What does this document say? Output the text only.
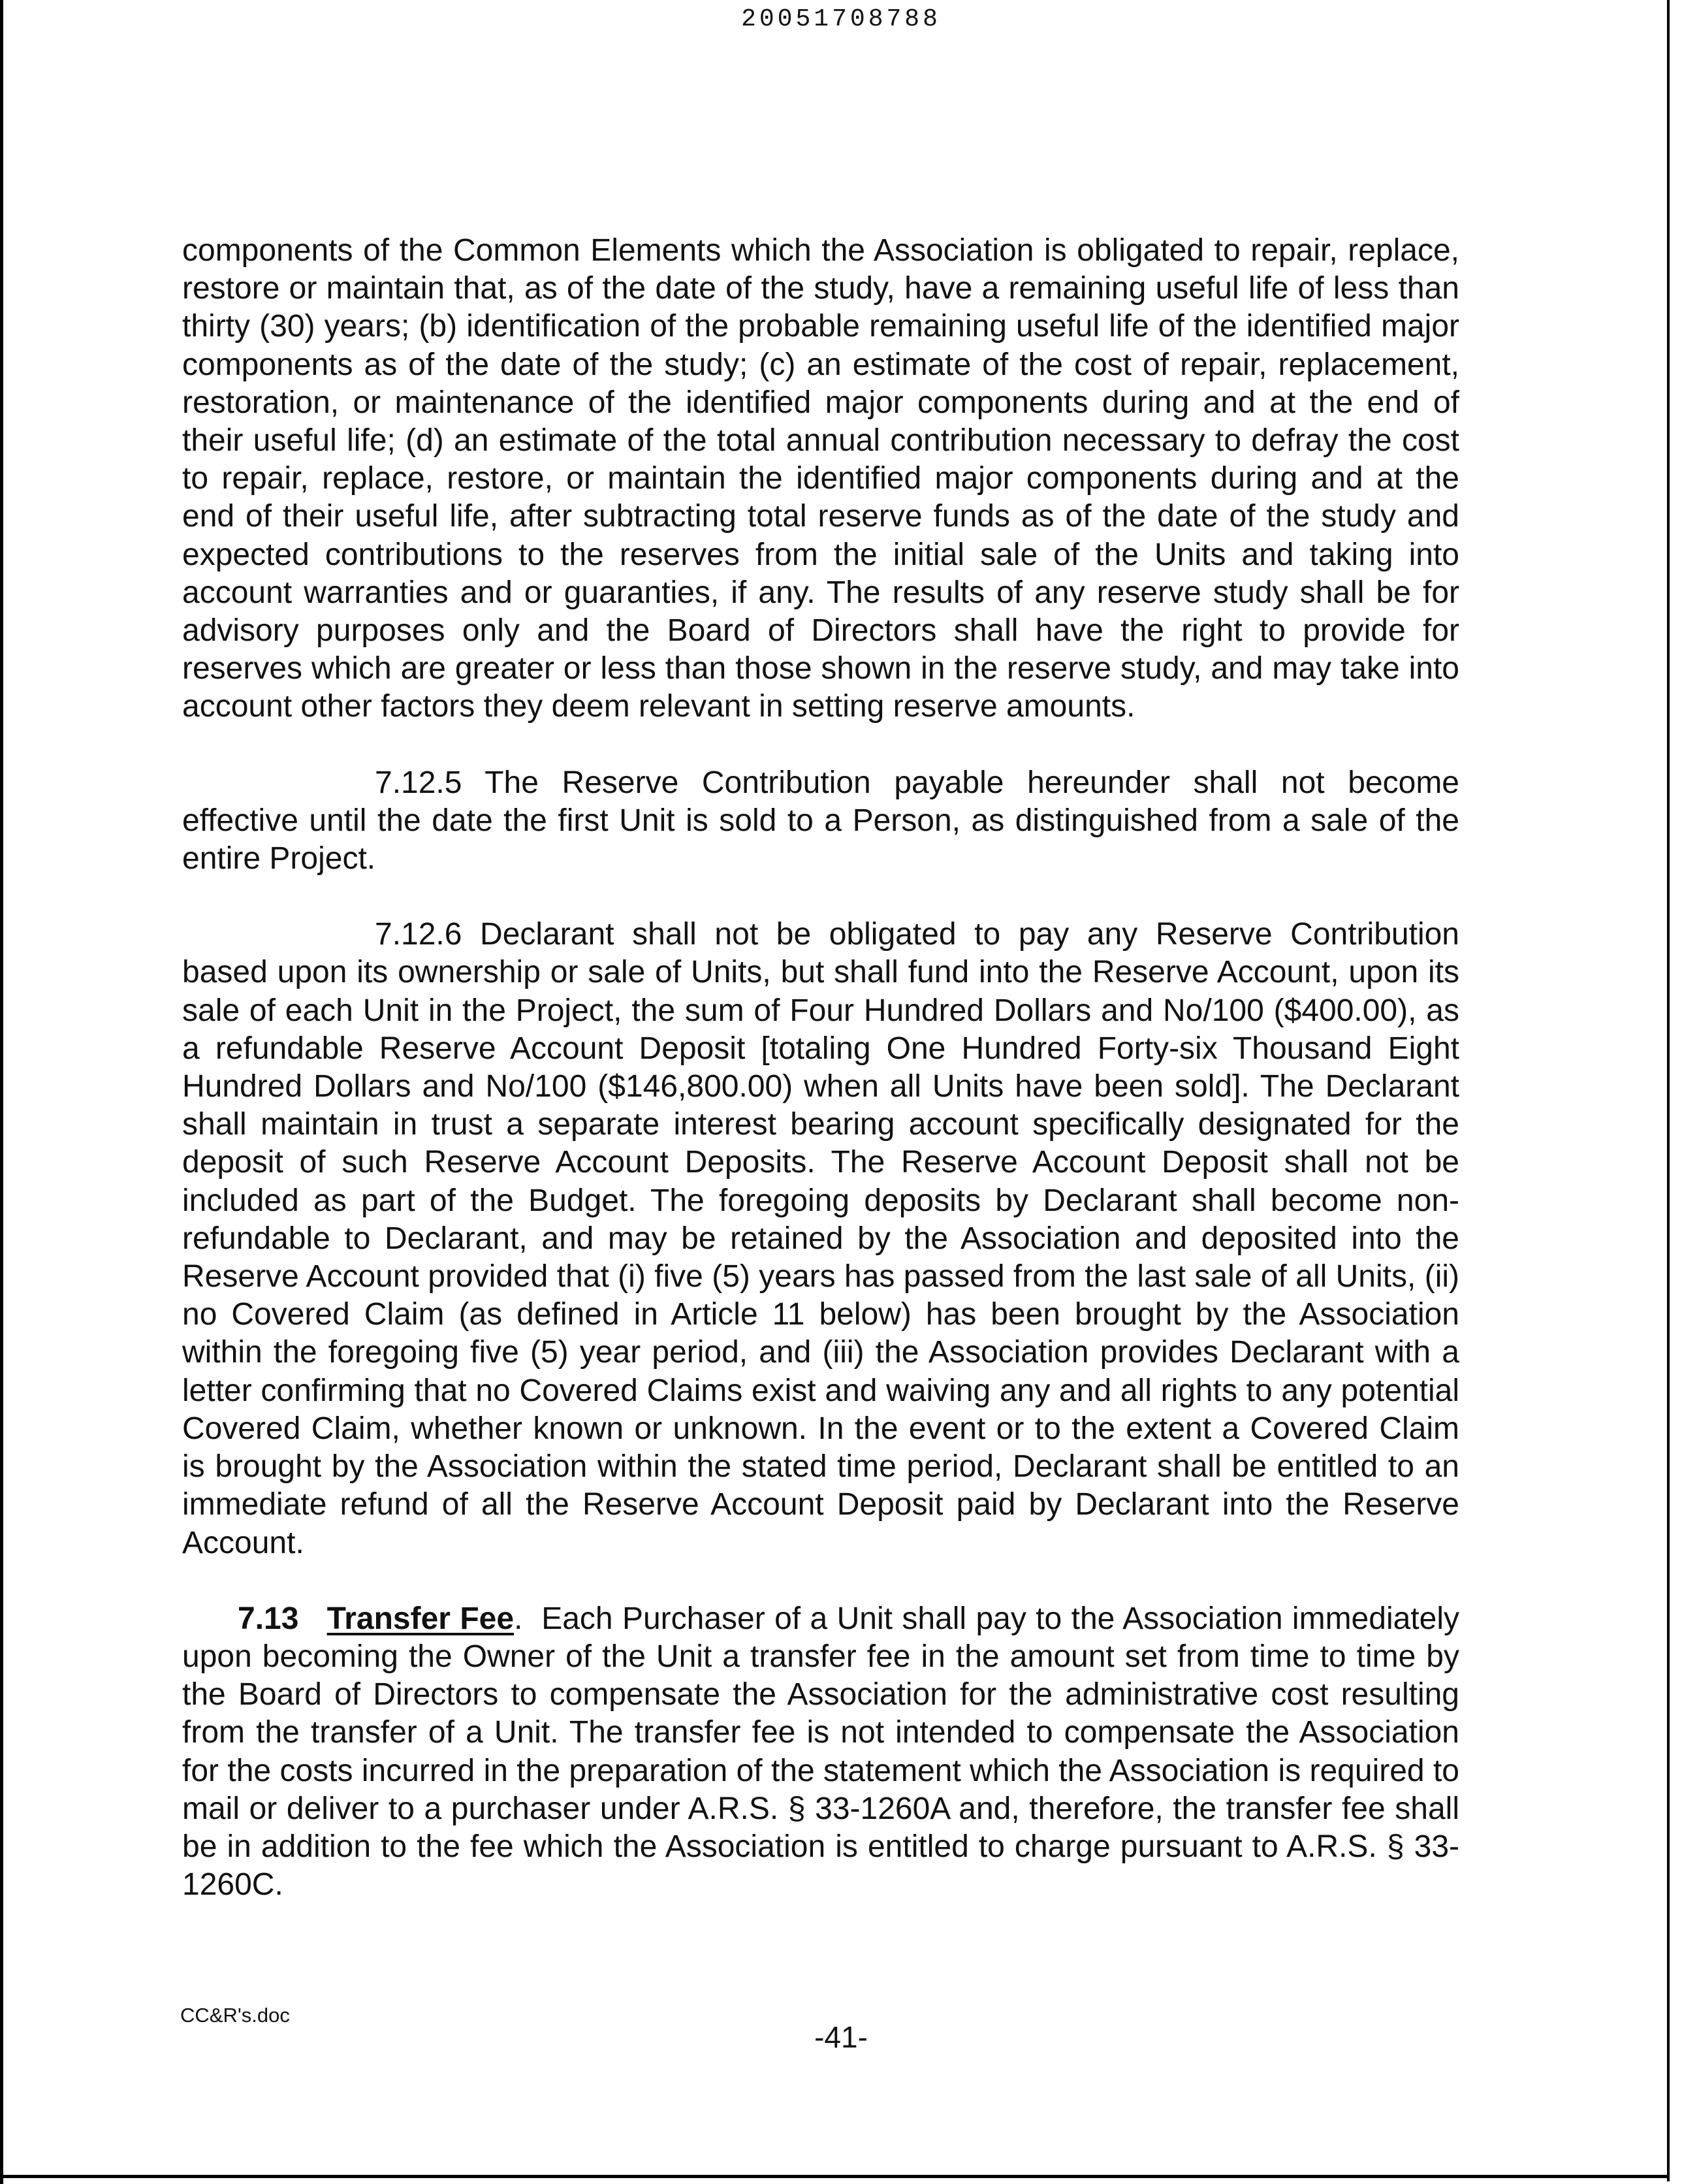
20051708788

components of the Common Elements which the Association is obligated to repair, replace, restore or maintain that, as of the date of the study, have a remaining useful life of less than thirty (30) years; (b) identification of the probable remaining useful life of the identified major components as of the date of the study; (c) an estimate of the cost of repair, replacement, restoration, or maintenance of the identified major components during and at the end of their useful life; (d) an estimate of the total annual contribution necessary to defray the cost to repair, replace, restore, or maintain the identified major components during and at the end of their useful life, after subtracting total reserve funds as of the date of the study and expected contributions to the reserves from the initial sale of the Units and taking into account warranties and or guaranties, if any. The results of any reserve study shall be for advisory purposes only and the Board of Directors shall have the right to provide for reserves which are greater or less than those shown in the reserve study, and may take into account other factors they deem relevant in setting reserve amounts.

7.12.5 The Reserve Contribution payable hereunder shall not become effective until the date the first Unit is sold to a Person, as distinguished from a sale of the entire Project.

7.12.6 Declarant shall not be obligated to pay any Reserve Contribution based upon its ownership or sale of Units, but shall fund into the Reserve Account, upon its sale of each Unit in the Project, the sum of Four Hundred Dollars and No/100 ($400.00), as a refundable Reserve Account Deposit [totaling One Hundred Forty-six Thousand Eight Hundred Dollars and No/100 ($146,800.00) when all Units have been sold]. The Declarant shall maintain in trust a separate interest bearing account specifically designated for the deposit of such Reserve Account Deposits. The Reserve Account Deposit shall not be included as part of the Budget. The foregoing deposits by Declarant shall become non-refundable to Declarant, and may be retained by the Association and deposited into the Reserve Account provided that (i) five (5) years has passed from the last sale of all Units, (ii) no Covered Claim (as defined in Article 11 below) has been brought by the Association within the foregoing five (5) year period, and (iii) the Association provides Declarant with a letter confirming that no Covered Claims exist and waiving any and all rights to any potential Covered Claim, whether known or unknown. In the event or to the extent a Covered Claim is brought by the Association within the stated time period, Declarant shall be entitled to an immediate refund of all the Reserve Account Deposit paid by Declarant into the Reserve Account.

7.13 Transfer Fee.  Each Purchaser of a Unit shall pay to the Association immediately upon becoming the Owner of the Unit a transfer fee in the amount set from time to time by the Board of Directors to compensate the Association for the administrative cost resulting from the transfer of a Unit. The transfer fee is not intended to compensate the Association for the costs incurred in the preparation of the statement which the Association is required to mail or deliver to a purchaser under A.R.S. § 33-1260A and, therefore, the transfer fee shall be in addition to the fee which the Association is entitled to charge pursuant to A.R.S. § 33-1260C.

CC&R's.doc
-41-
